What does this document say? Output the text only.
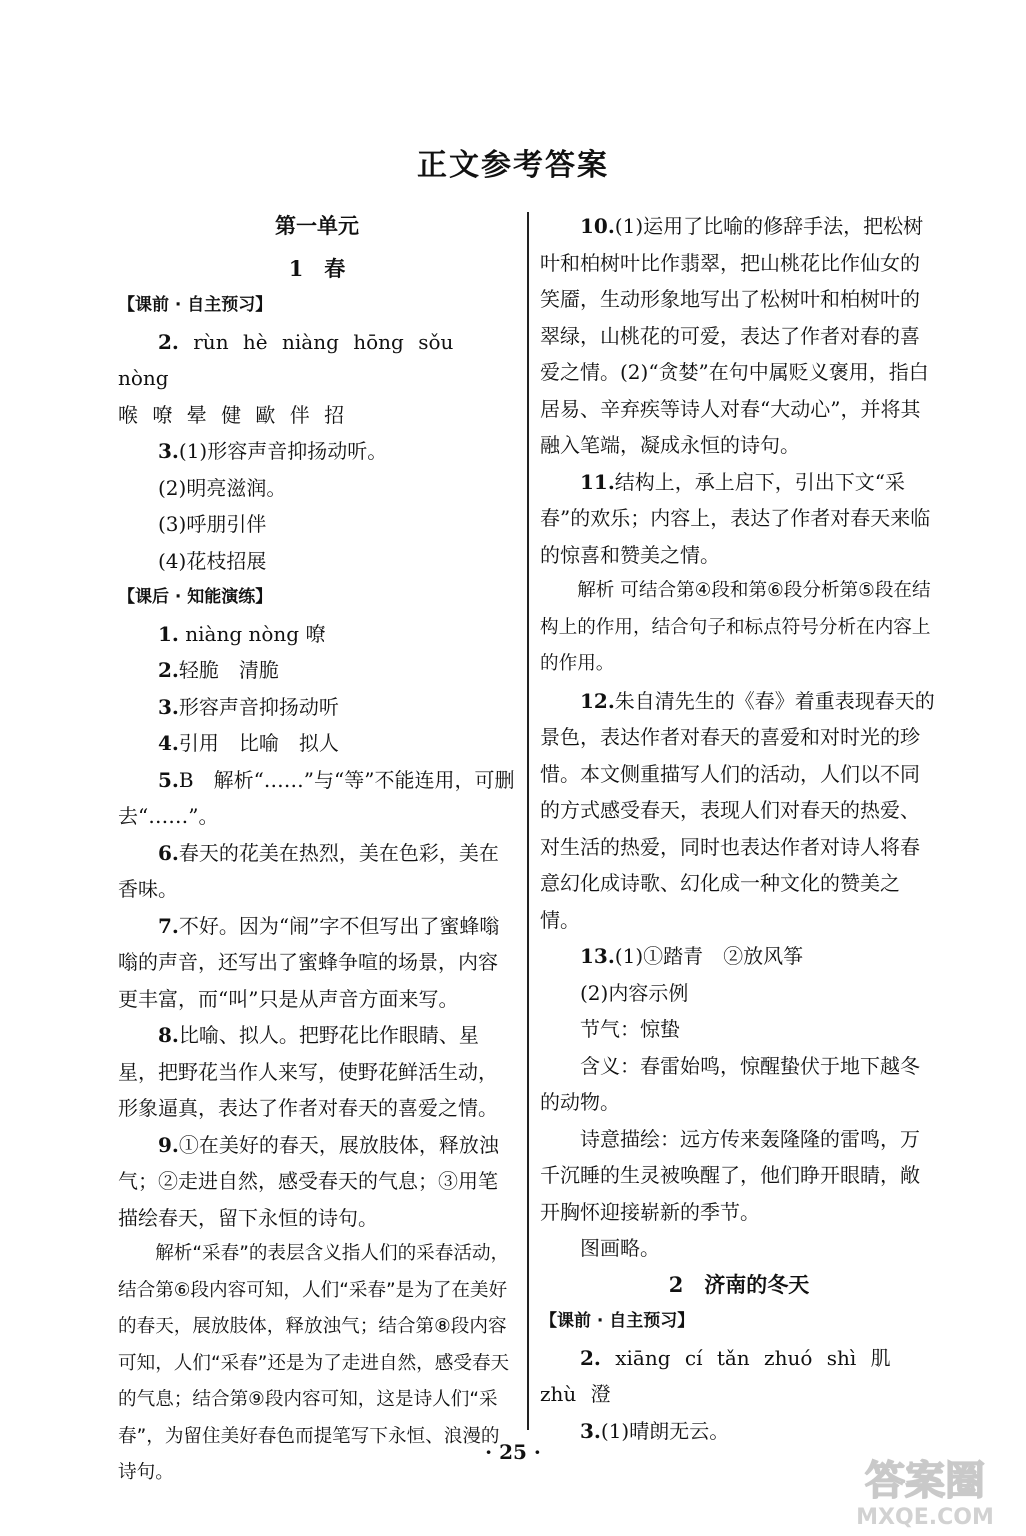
正文参考答案

第一单元

1　春

【课前 · 自主预习】

2. rùn hè niàng hōng sǒu nòng

喉 嘹 晕 健 歐 伴 招

3.(1)形容声音抑扬动听。

(2)明亮滋润。

(3)呼朋引伴

(4)花枝招展

【课后 · 知能演练】

1. niàng nòng 嘹

2.轻脆　清脆

3.形容声音抑扬动听

4.引用　比喻　拟人

5.B　解析“……”与“等”不能连用，可删去“……”。

6.春天的花美在热烈，美在色彩，美在香味。

7.不好。因为“闹”字不但写出了蜜蜂嗡嗡的声音，还写出了蜜蜂争喧的场景，内容更丰富，而“叫”只是从声音方面来写。

8.比喻、拟人。把野花比作眼睛、星星，把野花当作人来写，使野花鲜活生动，形象逼真，表达了作者对春天的喜爱之情。

9.①在美好的春天，展放肢体，释放浊气；②走进自然，感受春天的气息；③用笔描绘春天，留下永恒的诗句。

解析“采春”的表层含义指人们的采春活动，结合第⑥段内容可知，人们“采春”是为了在美好的春天，展放肢体，释放浊气；结合第⑧段内容可知，人们“采春”还是为了走进自然，感受春天的气息；结合第⑨段内容可知，这是诗人们“采春”，为留住美好春色而提笔写下永恒、浪漫的诗句。

10.(1)运用了比喻的修辞手法，把松树叶和柏树叶比作翡翠，把山桃花比作仙女的笑靥，生动形象地写出了松树叶和柏树叶的翠绿，山桃花的可爱，表达了作者对春的喜爱之情。(2)“贪婪”在句中属贬义褒用，指白居易、辛弃疾等诗人对春“大动心”，并将其融入笔端，凝成永恒的诗句。

11.结构上，承上启下，引出下文“采春”的欢乐；内容上，表达了作者对春天来临的惊喜和赞美之情。

解析 可结合第④段和第⑥段分析第⑤段在结构上的作用，结合句子和标点符号分析在内容上的作用。

12.朱自清先生的《春》着重表现春天的景色，表达作者对春天的喜爱和对时光的珍惜。本文侧重描写人们的活动，人们以不同的方式感受春天，表现人们对春天的热爱、对生活的热爱，同时也表达作者对诗人将春意幻化成诗歌、幻化成一种文化的赞美之情。

13.(1)①踏青　②放风筝

(2)内容示例

节气：惊蛰

含义：春雷始鸣，惊醒蛰伏于地下越冬的动物。

诗意描绘：远方传来轰隆隆的雷鸣，万千沉睡的生灵被唤醒了，他们睁开眼睛，敞开胸怀迎接崭新的季节。

图画略。

2　济南的冬天

【课前 · 自主预习】

2. xiāng cí tǎn zhuó shì 肌

zhù 澄

3.(1)晴朗无云。

· 25 ·
答案圈
MXQE.COM
